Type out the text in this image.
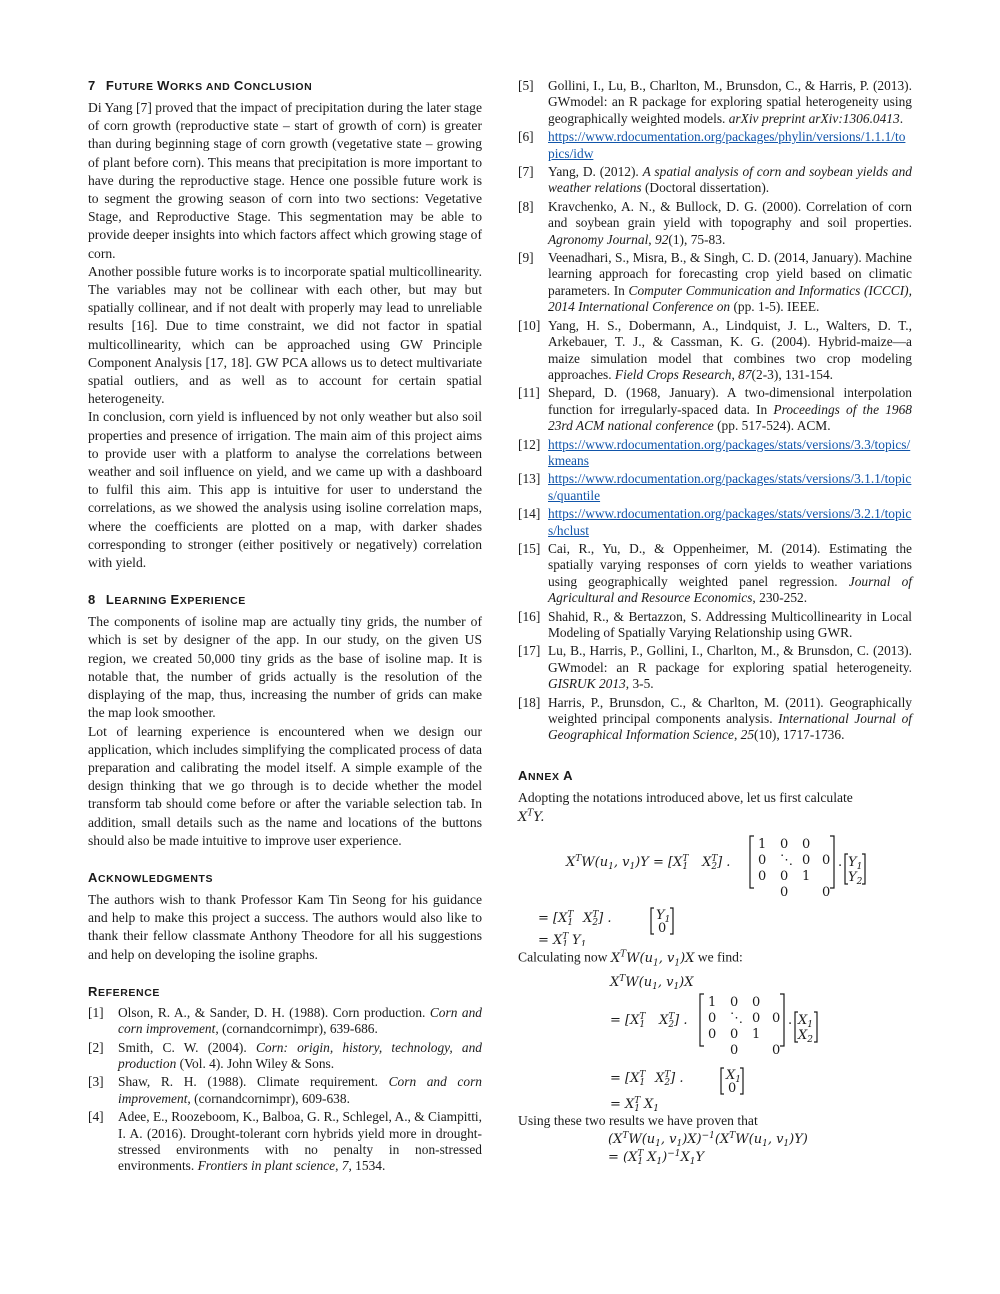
7 FUTURE WORKS AND CONCLUSION

Di Yang [7] proved that the impact of precipitation during the later stage of corn growth (reproductive state – start of growth of corn) is greater than during beginning stage of corn growth (vegetative state – growing of plant before corn). This means that precipitation is more important to have during the reproductive stage. Hence one possible future work is to segment the growing season of corn into two sections: Vegetative Stage, and Reproductive Stage. This segmentation may be able to provide deeper insights into which factors affect which growing stage of corn.

Another possible future works is to incorporate spatial multicollinearity. The variables may not be collinear with each other, but may but spatially collinear, and if not dealt with properly may lead to unreliable results [16]. Due to time constraint, we did not factor in spatial multicollinearity, which can be approached using GW Principle Component Analysis [17, 18]. GW PCA allows us to detect multivariate spatial outliers, and as well as to account for certain spatial heterogeneity.

In conclusion, corn yield is influenced by not only weather but also soil properties and presence of irrigation. The main aim of this project aims to provide user with a platform to analyse the correlations between weather and soil influence on yield, and we came up with a dashboard to fulfil this aim. This app is intuitive for user to understand the correlations, as we showed the analysis using isoline correlation maps, where the coefficients are plotted on a map, with darker shades corresponding to stronger (either positively or negatively) correlation with yield.

8 LEARNING EXPERIENCE

The components of isoline map are actually tiny grids, the number of which is set by designer of the app. In our study, on the given US region, we created 50,000 tiny grids as the base of isoline map. It is notable that, the number of grids actually is the resolution of the displaying of the map, thus, increasing the number of grids can make the map look smoother.

Lot of learning experience is encountered when we design our application, which includes simplifying the complicated process of data preparation and calibrating the model itself. A simple example of the design thinking that we go through is to decide whether the model transform tab should come before or after the variable selection tab. In addition, small details such as the name and locations of the buttons should also be made intuitive to improve user experience.

ACKNOWLEDGMENTS

The authors wish to thank Professor Kam Tin Seong for his guidance and help to make this project a success. The authors would also like to thank their fellow classmate Anthony Theodore for all his suggestions and help on developing the isoline graphs.

REFERENCE
[1] Olson, R. A., & Sander, D. H. (1988). Corn production. Corn and corn improvement, (cornandcornimpr), 639-686.
[2] Smith, C. W. (2004). Corn: origin, history, technology, and production (Vol. 4). John Wiley & Sons.
[3] Shaw, R. H. (1988). Climate requirement. Corn and corn improvement, (cornandcornimpr), 609-638.
[4] Adee, E., Roozeboom, K., Balboa, G. R., Schlegel, A., & Ciampitti, I. A. (2016). Drought-tolerant corn hybrids yield more in drought-stressed environments with no penalty in non-stressed environments. Frontiers in plant science, 7, 1534.
[5] Gollini, I., Lu, B., Charlton, M., Brunsdon, C., & Harris, P. (2013). GWmodel: an R package for exploring spatial heterogeneity using geographically weighted models. arXiv preprint arXiv:1306.0413.
[6] https://www.rdocumentation.org/packages/phylin/versions/1.1.1/topics/idw
[7] Yang, D. (2012). A spatial analysis of corn and soybean yields and weather relations (Doctoral dissertation).
[8] Kravchenko, A. N., & Bullock, D. G. (2000). Correlation of corn and soybean grain yield with topography and soil properties. Agronomy Journal, 92(1), 75-83.
[9] Veenadhari, S., Misra, B., & Singh, C. D. (2014, January). Machine learning approach for forecasting crop yield based on climatic parameters. In Computer Communication and Informatics (ICCCI), 2014 International Conference on (pp. 1-5). IEEE.
[10] Yang, H. S., Dobermann, A., Lindquist, J. L., Walters, D. T., Arkebauer, T. J., & Cassman, K. G. (2004). Hybrid-maize—a maize simulation model that combines two crop modeling approaches. Field Crops Research, 87(2-3), 131-154.
[11] Shepard, D. (1968, January). A two-dimensional interpolation function for irregularly-spaced data. In Proceedings of the 1968 23rd ACM national conference (pp. 517-524). ACM.
[12] https://www.rdocumentation.org/packages/stats/versions/3.3/topics/kmeans
[13] https://www.rdocumentation.org/packages/stats/versions/3.1.1/topics/quantile
[14] https://www.rdocumentation.org/packages/stats/versions/3.2.1/topics/hclust
[15] Cai, R., Yu, D., & Oppenheimer, M. (2014). Estimating the spatially varying responses of corn yields to weather variations using geographically weighted panel regression. Journal of Agricultural and Resource Economics, 230-252.
[16] Shahid, R., & Bertazzon, S. Addressing Multicollinearity in Local Modeling of Spatially Varying Relationship using GWR.
[17] Lu, B., Harris, P., Gollini, I., Charlton, M., & Brunsdon, C. (2013). GWmodel: an R package for exploring spatial heterogeneity. GISRUK 2013, 3-5.
[18] Harris, P., Brunsdon, C., & Charlton, M. (2011). Geographically weighted principal components analysis. International Journal of Geographical Information Science, 25(10), 1717-1736.
ANNEX A

Adopting the notations introduced above, let us first calculate
$X^TY$.

$X^TW(u_1$, $v_1)Y = [X^T$ 1 $X^T$ 2] .
1 0 0
0 ⋱ 0 0
0 0 1
0	0
. $Y_1$
$Y_2$
= [$X^T$ 1 $X^T$ 2] .	$Y_1$
0
= $X^T$ 1 $Y_1$

Calculating now $X^TW(u_1$, $v_1)X$ we find:

$X^TW(u_1$, $v_1)X$
= [$X^T$ 1 $X^T$ 2] .
1 0 0
0 ⋱ 0 0
0 0 1
0	0
. $X_1$
$X_2$
= [$X^T$ 1 $X^T$ 2] .	$X_1$
0
= $X^T$ 1 $X_1$

Using these two results we have proven that

($X^TW(u_1$, $v_1)X)^{-1}(X^TW(u_1$, $v_1)Y$)
= ($X^T$ 1 $X_1)^{-1}X_1Y$
